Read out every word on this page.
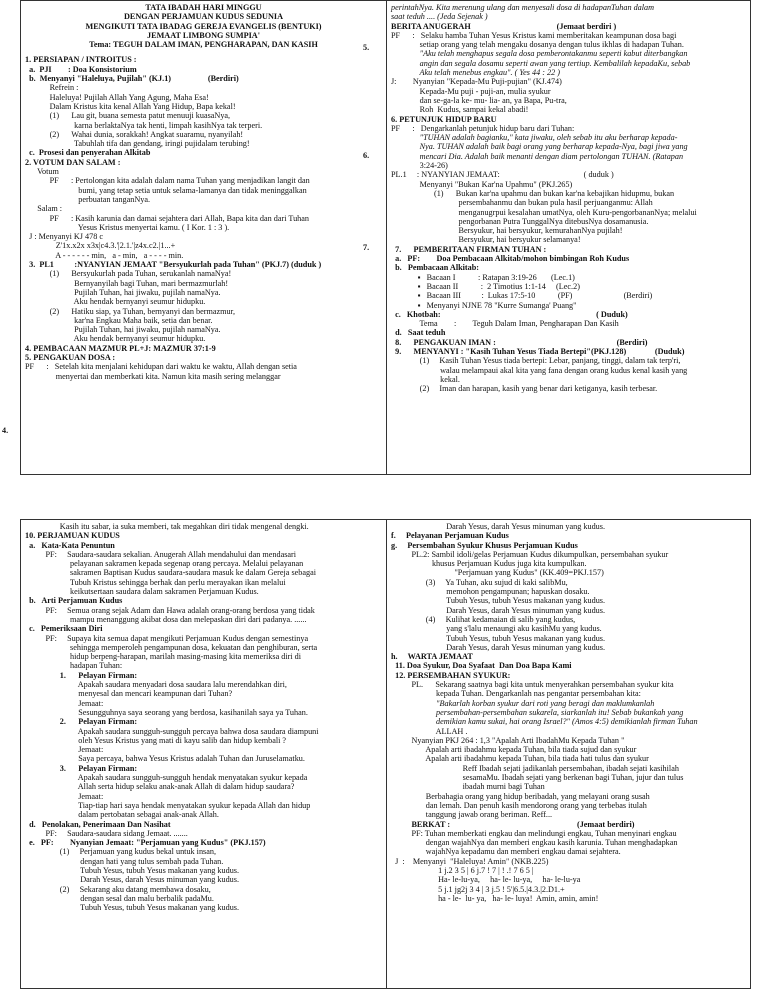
TATA IBADAH HARI MINGGU

DENGAN PERJAMUAN KUDUS SEDUNIA

MENGIKUTI TATA IBADAG GEREJA EVANGELIS (BENTUKI)

JEMAAT LIMBONG SUMPIA'

Tema: TEGUH DALAM IMAN, PENGHARAPAN, DAN KASIH

1. PERSIAPAN / INTROITUS :

a.  PJI        : Doa Konsistorium

b.  Menyanyi "Haleluya, Pujilah" (KJ.1)                  (Berdiri)

Refrein :

Haleluya! Pujilah Allah Yang Agung, Maha Esa!

Dalam Kristus kita kenal Allah Yang Hidup, Bapa kekal!

(1)      Lau git, buana semesta patut menuuji kuasaNya,

karna berlaktaNya tak henti, limpah kasihNya tak terperi.

(2)      Wahai dunia, sorakkah! Angkat suaramu, nyanyilah!

Tabuhlah tifa dan gendang, iringi pujidalam terubing!

c.  Prosesi dan penyerahan Alkitab

2. VOTUM DAN SALAM :

Votum

PF      : Pertolongan kita adalah dalam nama Tuhan yang menjadikan langit dan

bumi, yang tetap setia untuk selama-lamanya dan tidak meninggalkan

perbuatan tanganNya.

Salam :

PF      : Kasih karunia dan damai sejahtera dari Allah, Bapa kita dan dari Tuhan

Yesus Kristus menyertai kamu. ( I Kor. 1 : 3 ).

J : Menyanyi KJ 478 c

Z'1x.x2x x3x|c4.3.'|2.1.'|z4x.c2.|1...+

A - - - - - - min,   a - min,   a - - - - min.

3.  PL1          :NYANYIAN JEMAAT "Bersyukurlah pada Tuhan" (PKJ.7) (duduk )

(1)      Bersyukurlah pada Tuhan, serukanlah namaNya!

Bernyanyilah bagi Tuhan, mari bermazmurlah!

Pujilah Tuhan, hai jiwaku, pujilah namaNya.

Aku hendak bernyanyi seumur hidupku.

(2)      Hatiku siap, ya Tuhan, bernyanyi dan bermazmur,

kar'na Engkau Maha baik, setia dan benar.

Pujilah Tuhan, hai jiwaku, pujilah namaNya.

Aku hendak bernyanyi seumur hidupku.

4. PEMBACAAN MAZMUR PL+J: MAZMUR 37:1-9

5. PENGAKUAN DOSA :

PF      :   Setelah kita menjalani kehidupan dari waktu ke waktu, Allah dengan setia

menyertai dan memberkati kita. Namun kita masih sering melanggar

perintahNya. Kita merenung ulang dan menyesali dosa di hadapanTuhan dalam

saat teduh .... (Jeda Sejenak )

BERITA ANUGERAH                                          (Jemaat berdiri )

PF      :   Selaku hamba Tuhan Yesus Kristus kami memberitakan keampunan dosa bagi

setiap orang yang telah mengaku dosanya dengan tulus ikhlas di hadapan Tuhan.

"Aku telah menghapus segala dosa pemberontakanmu seperti kabut diterbangkan

angin dan segala dosamu seperti awan yang tertiup. Kembalilah kepadaKu, sebab

Aku telah menebus engkau". ( Yes 44 : 22 )

J:        Nyanyian "Kepada-Mu Puji-pujian" (KJ.474)

Kepada-Mu puji - puji-an, mulia syukur

dan se-ga-la ke- mu- lia- an, ya Bapa, Pu-tra,

Roh  Kudus, sampai kekal abadi!

6. PETUNJUK HIDUP BARU

PF      :   Dengarkanlah petunjuk hidup baru dari Tuhan:

"TUHAN adalah bagianku," kata jiwaku, oleh sebab itu aku berharap kepada-

Nya. TUHAN adalah baik bagi orang yang berharap kepada-Nya, bagi jiwa yang

mencari Dia. Adalah baik menanti dengan diam pertolongan TUHAN. (Ratapan

3:24-26)

PL.1     : NYANYIAN JEMAAT:                                         ( duduk )

Menyanyi "Bukan Kar'na Upahmu" (PKJ.265)

(1)      Bukan kar'na upahmu dan bukan kar'na kebajikan hidupmu, bukan

persembahanmu dan bukan pula hasil perjuanganmu: Allah

menganugrpui kesalahan umatNya, oleh Kuru-pengorbananNya; melalui

pengorbanan Putra TunggalNya ditebusNya dosamanusia.

Bersyukur, hai bersyukur, kemurahanNya pujilah!

Bersyukur, hai bersyukur selamanya!

7.      PEMBERITAAN FIRMAN TUHAN :

a.   PF:        Doa Pembacaan Alkitab/mohon bimbingan Roh Kudus

b.   Pembacaan Alkitab:

▪   Bacaan I           : Ratapan 3:19-26       (Lec.1)

▪   Bacaan II           :  2 Timotius 1:1-14     (Lec.2)

▪   Bacaan III          :  Lukas 17:5-10           (PF)                         (Berdiri)

▪   Menyanyi NJNE 78 "Kurre Sumanga' Puang"

c.   Khotbah:                                                                            ( Duduk)

Tema        :        Teguh Dalam Iman, Pengharapan Dan Kasih

d.   Saat teduh

8.      PENGAKUAN IMAN :                                                           (Berdiri)

9.      MENYANYI : "Kasih Tuhan Yesus Tiada Bertepi"(PKJ.128)              (Duduk)

(1)     Kasih Tuhan Yesus tiada bertepi: Lebar, panjang, tinggi, dalam tak terp'ri,

walau melampaui akal kita yang fana dengan orang kudus kenal kasih yang

kekal.

(2)     Iman dan harapan, kasih yang benar dari ketiganya, kasih terbesar.

5.
6.
7.
4.

Kasih itu sabar, ia suka memberi, tak megahkan diri tidak mengenal dengki.

10. PERJAMUAN KUDUS

a.   Kata-Kata Penuntun

PF:     Saudara-saudara sekalian. Anugerah Allah mendahului dan mendasari

pelayanan sakramen kepada segenap orang percaya. Melalui pelayanan

sakramen Baptisan Kudus saudara-saudara masuk ke dalam Gereja sebagai

Tubuh Kristus sehingga berhak dan perlu merayakan ikan melalui

keikutsertaan saudara dalam sakramen Perjamuan Kudus.

b.   Arti Perjamuan Kudus

PF:     Semua orang sejak Adam dan Hawa adalah orang-orang berdosa yang tidak

mampu menanggung akibat dosa dan melepaskan diri dari padanya. ......

c.   Pemeriksaan Diri

PF:     Supaya kita semua dapat mengikuti Perjamuan Kudus dengan semestinya

sehingga memperoleh pengampunan dosa, kekuatan dan penghiburan, serta

hidup berpeng-harapan, marilah masing-masing kita memeriksa diri di

hadapan Tuhan:

1.      Pelayan Firman:

Apakah saudara menyadari dosa saudara lalu merendahkan diri,

menyesal dan mencari keampunan dari Tuhan?

Jemaat:

Sesungguhnya saya seorang yang berdosa, kasihanilah saya ya Tuhan.

2.      Pelayan Firman:

Apakah saudara sungguh-sungguh percaya bahwa dosa saudara diampuni

oleh Yesus Kristus yang mati di kayu salib dan hidup kembali ?

Jemaat:

Saya percaya, bahwa Yesus Kristus adalah Tuhan dan Juruselamatku.

3.      Pelayan Firman:

Apakah saudara sungguh-sungguh hendak menyatakan syukur kepada

Allah serta hidup selaku anak-anak Allah di dalam hidup saudara?

Jemaat:

Tiap-tiap hari saya hendak menyatakan syukur kepada Allah dan hidup

dalam pertobatan sebagai anak-anak Allah.

d.   Penolakan, Penerimaan Dan Nasihat

PF:     Saudara-saudara sidang Jemaat. .......

e.   PF:        Nyanyian Jemaat: "Perjamuan yang Kudus" (PKJ.157)

(1)     Perjamuan yang kudus bekal untuk insan,

dengan hati yang tulus sembah pada Tuhan.

Tubuh Yesus, tubuh Yesus makanan yang kudus.

Darah Yesus, darah Yesus minuman yang kudus.

(2)     Sekarang aku datang membawa dosaku,

dengan sesal dan malu berbalik padaMu.

Tubuh Yesus, tubuh Yesus makanan yang kudus.

Darah Yesus, darah Yesus minuman yang kudus.

f.     Pelayanan Perjamuan Kudus

g.     Persembahan Syukur Khusus Perjamuan Kudus

PL.2: Sambil idoli/gelas Perjamuan Kudus dikumpulkan, persembahan syukur

khusus Perjamuan Kudus juga kita kumpulkan.

"Perjamuan yang Kudus" (KK.409=PKJ.157)

(3)     Ya Tuhan, aku sujud di kaki salibMu,

memohon pengampunan; hapuskan dosaku.

Tubuh Yesus, tubuh Yesus makanan yang kudus.

Darah Yesus, darah Yesus minuman yang kudus.

(4)     Kulihat kedamaian di salib yang kudus,

yang s'lalu menaungi aku kasihMu yang kudus.

Tubuh Yesus, tubuh Yesus makanan yang kudus.

Darah Yesus, darah Yesus minuman yang kudus.

h.     WARTA JEMAAT

11. Doa Syukur, Doa Syafaat  Dan Doa Bapa Kami

12. PERSEMBAHAN SYUKUR:

PL.      Sekarang saatnya bagi kita untuk menyerahkan persembahan syukur kita

kepada Tuhan. Dengarkanlah nas pengantar persembahan kita:

"Bakarlah korban syukur dari roti yang beragi dan maklumkanlah

persembahan-persembahan sukarela, siarkanlah itu! Sebab bukankah yang

demikian kamu sukai, hai orang Israel?" (Amos 4:5) demikianlah firman Tuhan

ALLAH .

Nyanyian PKJ 264 : 1,3 "Apalah Arti IbadahMu Kepada Tuhan "

Apalah arti ibadahmu kepada Tuhan, bila tiada sujud dan syukur

Apalah arti ibadahmu kepada Tuhan, bila tiada hati tulus dan syukur

Reff Ibadah sejati jadikanlah persembahan, ibadah sejati kasihilah

sesamaMu. Ibadah sejati yang berkenan bagi Tuhan, jujur dan tulus

ibadah murni bagi Tuhan

Berbahagia orang yang hidup beribadah, yang melayani orang susah

dan lemah. Dan penuh kasih mendorong orang yang terbebas itulah

tanggung jawab orang beriman. Reff...

BERKAT :                                                              (Jemaat berdiri)

PF: Tuhan memberkati engkau dan melindungi engkau, Tuhan menyinari engkau

dengan wajahNya dan memberi engkau kasih karunia. Tuhan menghadapkan

wajahNya kepadamu dan memberi engkau damai sejahtera.

J  :    Menyanyi  "Haleluya! Amin" (NKB.225)

1 j.2 3 5 | 6 j.7 ! 7 | ! .! 7 6 5 |

Ha- le-lu-ya,     ha- le- lu-ya,     ha- le-lu-ya

5 j.1 jg2j 3 4 | 3 j.5 ! 5'|6.5.|4.3.|2.D1.+

ha - le-  lu- ya,   ha- le- luya!  Amin, amin, amin!
